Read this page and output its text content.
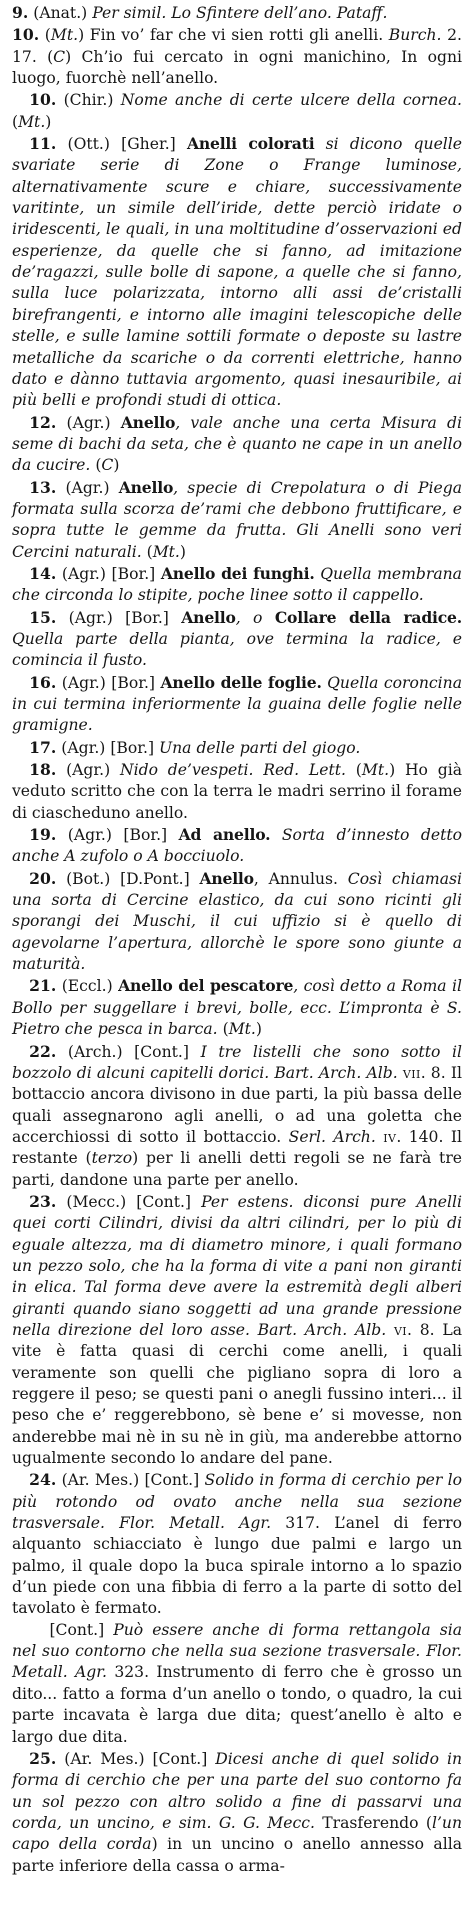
9. (Anat.) Per simil. Lo Sfintere dell’ano. Pataff.

10. (Mt.) Fin vo’ far che vi sien rotti gli anelli. Burch. 2. 17. (C) Ch’io fui cercato in ogni manichino, In ogni luogo, fuorchè nell’anello.

10. (Chir.) Nome anche di certe ulcere della cornea. (Mt.)

11. (Ott.) [Gher.] Anelli colorati si dicono quelle svariate serie di Zone o Frange luminose, alternativamente scure e chiare, successivamente varitinte, un simile dell’iride, dette perciò iridate o iridescenti, le quali, in una moltitudine d’osservazioni ed esperienze, da quelle che si fanno, ad imitazione de’ragazzi, sulle bolle di sapone, a quelle che si fanno, sulla luce polarizzata, intorno alli assi de’cristalli birefrangenti, e intorno alle imagini telescopiche delle stelle, e sulle lamine sottili formate o deposte su lastre metalliche da scariche o da correnti elettriche, hanno dato e dànno tuttavia argomento, quasi inesauribile, ai più belli e profondi studi di ottica.

12. (Agr.) Anello, vale anche una certa Misura di seme di bachi da seta, che è quanto ne cape in un anello da cucire. (C)

13. (Agr.) Anello, specie di Crepolatura o di Piega formata sulla scorza de’rami che debbono fruttificare, e sopra tutte le gemme da frutta. Gli Anelli sono veri Cercini naturali. (Mt.)

14. (Agr.) [Bor.] Anello dei funghi. Quella membrana che circonda lo stipite, poche linee sotto il cappello.

15. (Agr.) [Bor.] Anello, o Collare della radice. Quella parte della pianta, ove termina la radice, e comincia il fusto.

16. (Agr.) [Bor.] Anello delle foglie. Quella coroncina in cui termina inferiormente la guaina delle foglie nelle gramigne.

17. (Agr.) [Bor.] Una delle parti del giogo.

18. (Agr.) Nido de’vespeti. Red. Lett. (Mt.) Ho già veduto scritto che con la terra le madri serrino il forame di ciascheduno anello.

19. (Agr.) [Bor.] Ad anello. Sorta d’innesto detto anche A zufolo o A bocciuolo.

20. (Bot.) [D.Pont.] Anello, Annulus. Così chiamasi una sorta di Cercine elastico, da cui sono ricinti gli sporangi dei Muschi, il cui uffizio si è quello di agevolarne l’apertura, allorchè le spore sono giunte a maturità.

21. (Eccl.) Anello del pescatore, così detto a Roma il Bollo per suggellare i brevi, bolle, ecc. L’impronta è S. Pietro che pesca in barca. (Mt.)

22. (Arch.) [Cont.] I tre listelli che sono sotto il bozzolo di alcuni capitelli dorici. Bart. Arch. Alb. vii. 8. Il bottaccio ancora divisono in due parti, la più bassa delle quali assegnarono agli anelli, o ad una goletta che accerchiossi di sotto il bottaccio. Serl. Arch. iv. 140. Il restante (terzo) per li anelli detti regoli se ne farà tre parti, dandone una parte per anello.

23. (Mecc.) [Cont.] Per estens. diconsi pure Anelli quei corti Cilindri, divisi da altri cilindri, per lo più di eguale altezza, ma di diametro minore, i quali formano un pezzo solo, che ha la forma di vite a pani non giranti in elica. Tal forma deve avere la estremità degli alberi giranti quando siano soggetti ad una grande pressione nella direzione del loro asse. Bart. Arch. Alb. vi. 8. La vite è fatta quasi di cerchi come anelli, i quali veramente son quelli che pigliano sopra di loro a reggere il peso; se questi pani o anegli fussino interi... il peso che e’ reggerebbono, sè bene e’ si movesse, non anderebbe mai nè in su nè in giù, ma anderebbe attorno ugualmente secondo lo andare del pane.

24. (Ar. Mes.) [Cont.] Solido in forma di cerchio per lo più rotondo od ovato anche nella sua sezione trasversale. Flor. Metall. Agr. 317. L’anel di ferro alquanto schiacciato è lungo due palmi e largo un palmo, il quale dopo la buca spirale intorno a lo spazio d’un piede con una fibbia di ferro a la parte di sotto del tavolato è fermato.

[Cont.] Può essere anche di forma rettangola sia nel suo contorno che nella sua sezione trasversale. Flor. Metall. Agr. 323. Instrumento di ferro che è grosso un dito... fatto a forma d’un anello o tondo, o quadro, la cui parte incavata è larga due dita; quest’anello è alto e largo due dita.

25. (Ar. Mes.) [Cont.] Dicesi anche di quel solido in forma di cerchio che per una parte del suo contorno fa un sol pezzo con altro solido a fine di passarvi una corda, un uncino, e sim. G. G. Mecc. Trasferendo (l’un capo della corda) in un uncino o anello annesso alla parte inferiore della cassa o arma-
